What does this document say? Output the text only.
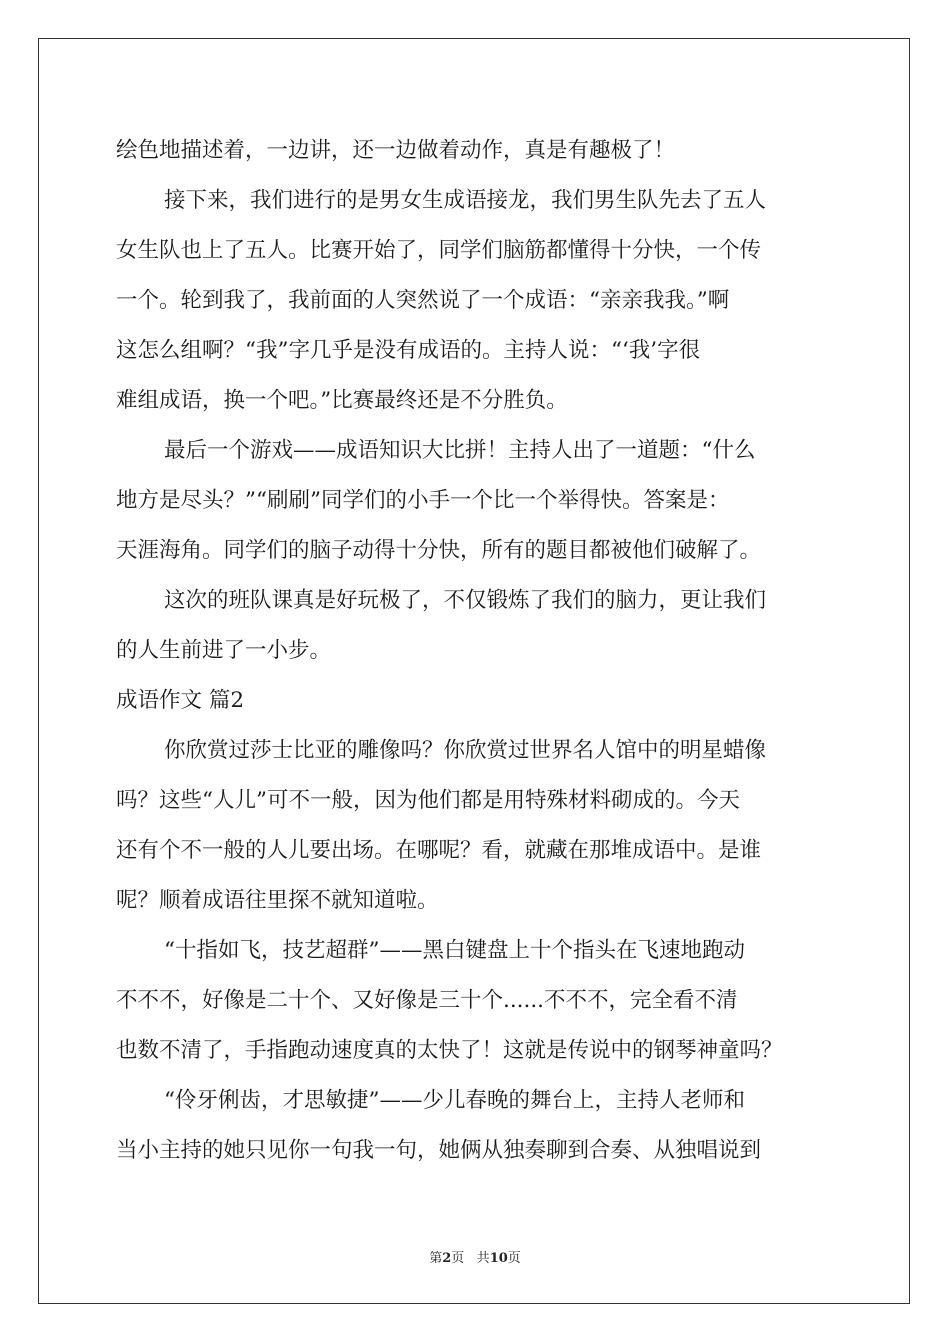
绘色地描述着，一边讲，还一边做着动作，真是有趣极了！
接下来，我们进行的是男女生成语接龙，我们男生队先去了五人
女生队也上了五人。比赛开始了，同学们脑筋都懂得十分快，一个传
一个。轮到我了，我前面的人突然说了一个成语：“亲亲我我。”啊
这怎么组啊？“我”字几乎是没有成语的。主持人说：“‘我’字很
难组成语，换一个吧。”比赛最终还是不分胜负。
最后一个游戏——成语知识大比拼！主持人出了一道题：“什么
地方是尽头？”“刷刷”同学们的小手一个比一个举得快。答案是：
天涯海角。同学们的脑子动得十分快，所有的题目都被他们破解了。
这次的班队课真是好玩极了，不仅锻炼了我们的脑力，更让我们
的人生前进了一小步。
成语作文 篇2
你欣赏过莎士比亚的雕像吗？你欣赏过世界名人馆中的明星蜡像
吗？这些“人儿”可不一般，因为他们都是用特殊材料砌成的。今天
还有个不一般的人儿要出场。在哪呢？看，就藏在那堆成语中。是谁
呢？顺着成语往里探不就知道啦。
“十指如飞，技艺超群”——黑白键盘上十个指头在飞速地跑动
不不不，好像是二十个、又好像是三十个......不不不，完全看不清
也数不清了，手指跑动速度真的太快了！这就是传说中的钢琴神童吗？
“伶牙俐齿，才思敏捷”——少儿春晚的舞台上，主持人老师和
当小主持的她只见你一句我一句，她俩从独奏聊到合奏、从独唱说到
第2页 共10页
